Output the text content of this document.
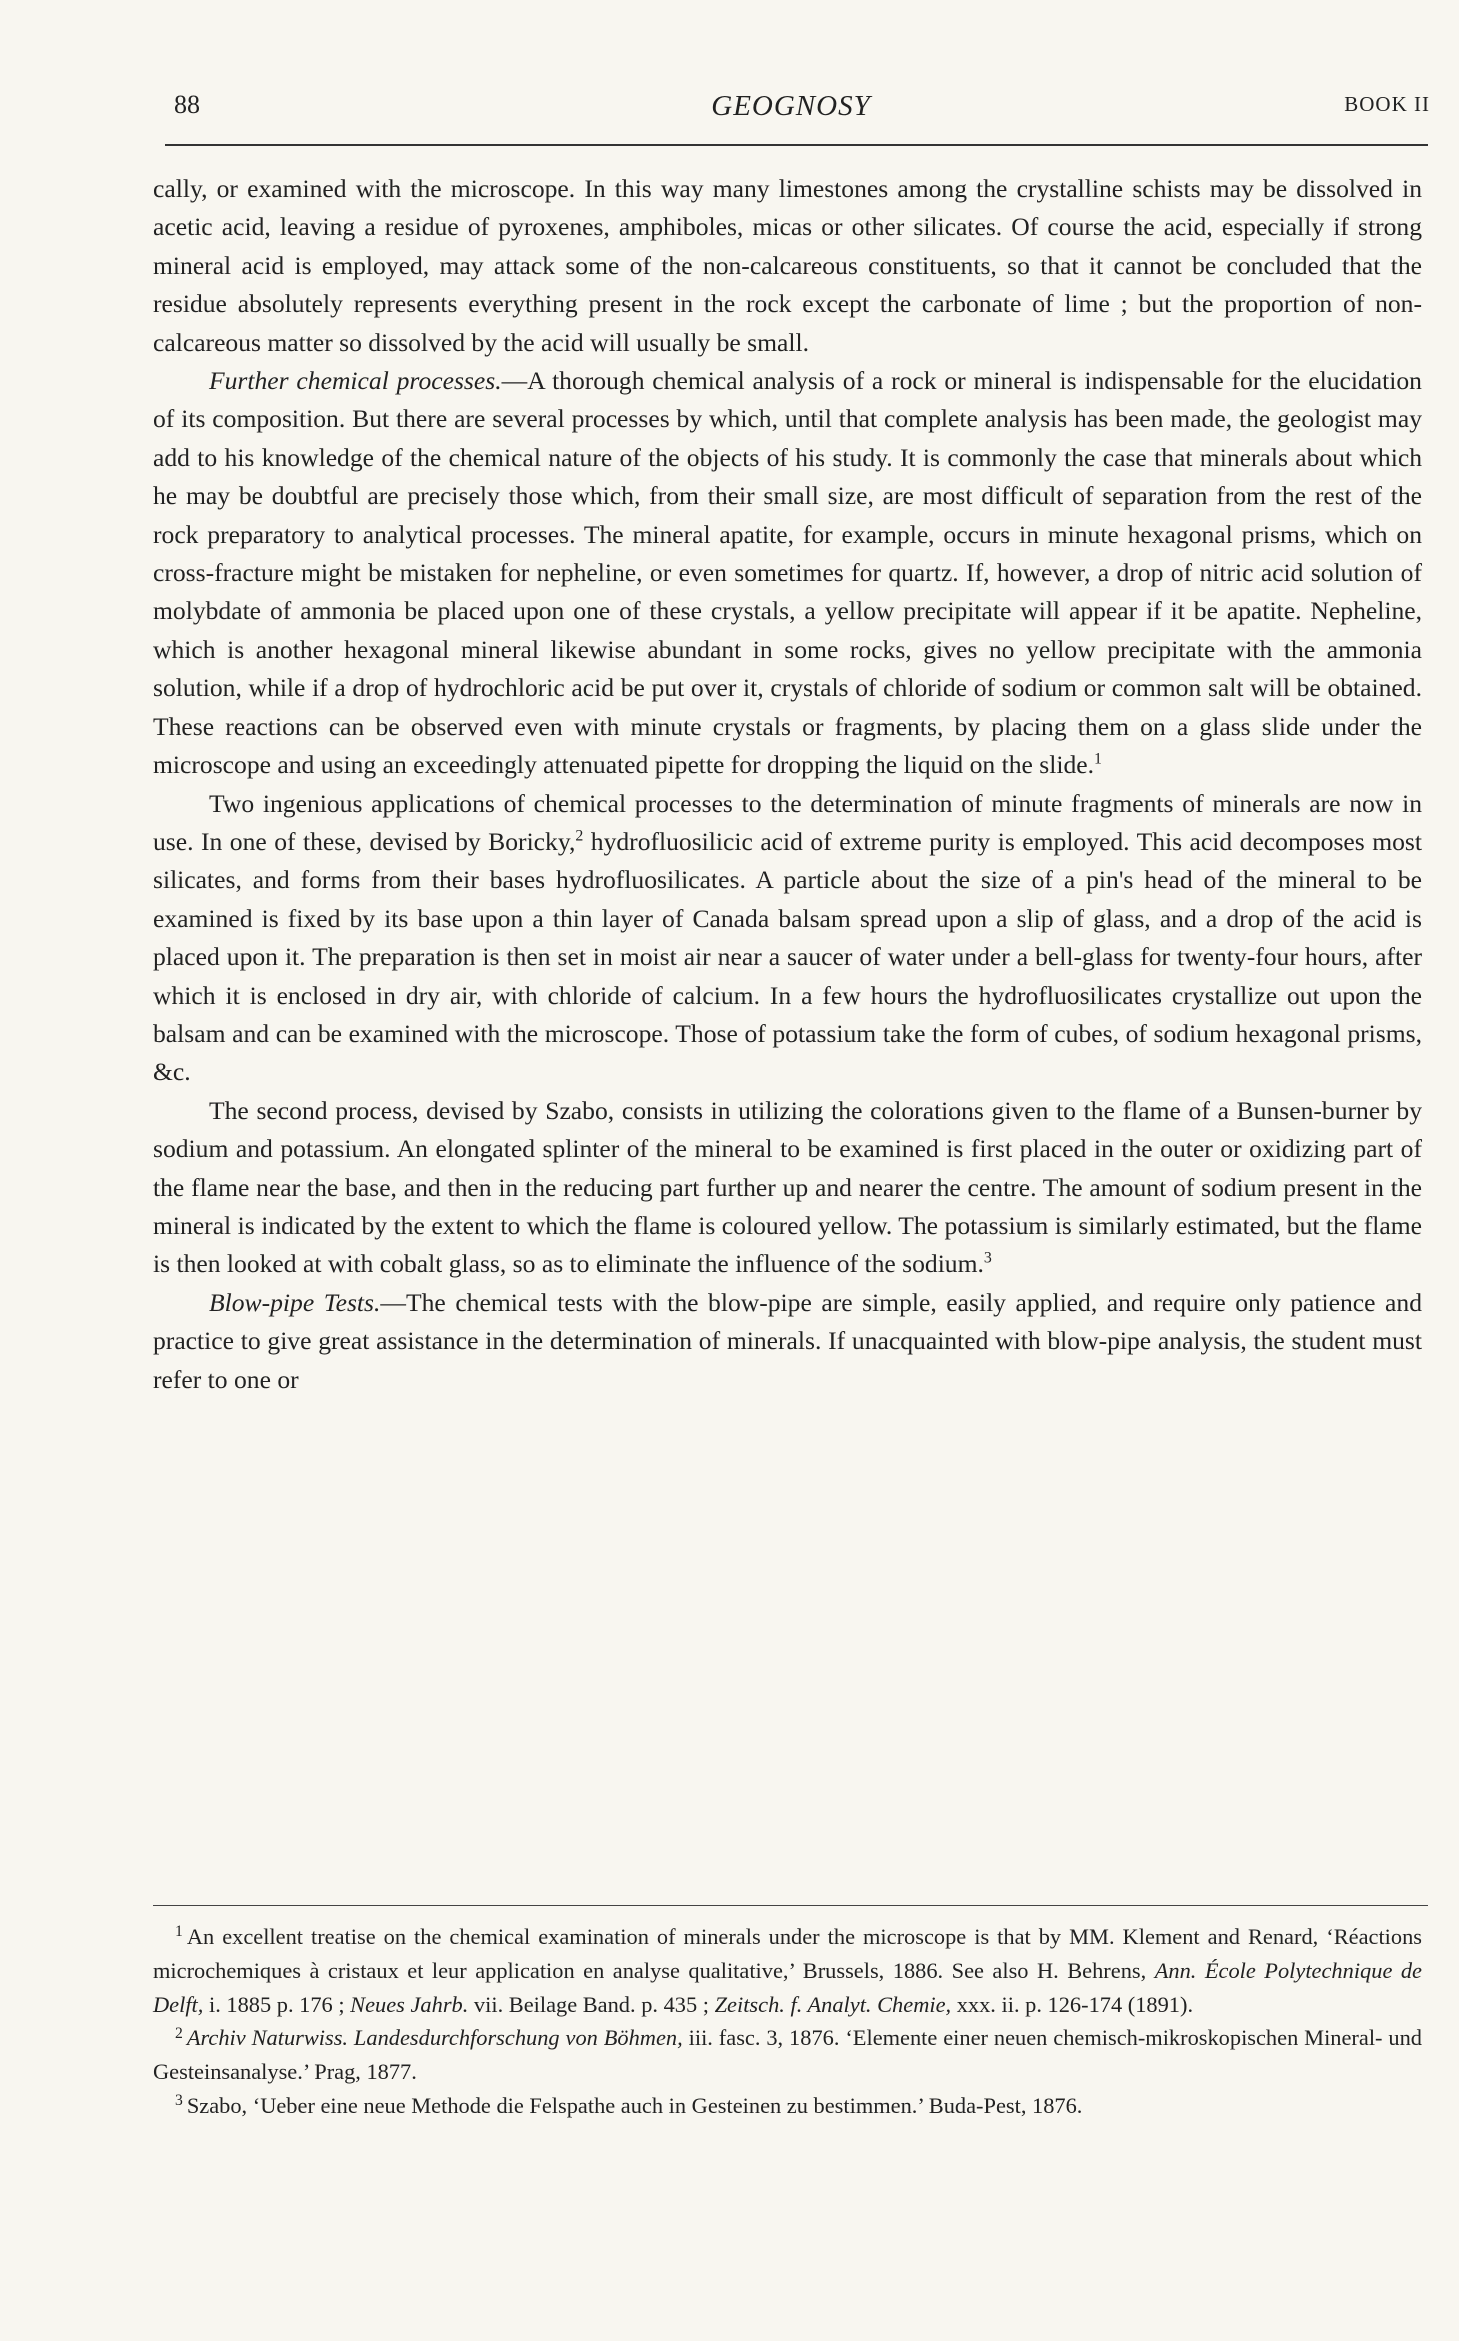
88	GEOGNOSY	BOOK II

cally, or examined with the microscope. In this way many limestones among the crystalline schists may be dissolved in acetic acid, leaving a residue of pyroxenes, amphiboles, micas or other silicates. Of course the acid, especially if strong mineral acid is employed, may attack some of the non-calcareous constituents, so that it cannot be concluded that the residue absolutely represents everything present in the rock except the carbonate of lime ; but the proportion of non-calcareous matter so dissolved by the acid will usually be small.

Further chemical processes.—A thorough chemical analysis of a rock or mineral is indispensable for the elucidation of its composition. But there are several processes by which, until that complete analysis has been made, the geologist may add to his knowledge of the chemical nature of the objects of his study. It is commonly the case that minerals about which he may be doubtful are precisely those which, from their small size, are most difficult of separation from the rest of the rock preparatory to analytical processes. The mineral apatite, for example, occurs in minute hexagonal prisms, which on cross-fracture might be mistaken for nepheline, or even sometimes for quartz. If, however, a drop of nitric acid solution of molybdate of ammonia be placed upon one of these crystals, a yellow precipitate will appear if it be apatite. Nepheline, which is another hexagonal mineral likewise abundant in some rocks, gives no yellow precipitate with the ammonia solution, while if a drop of hydrochloric acid be put over it, crystals of chloride of sodium or common salt will be obtained. These reactions can be observed even with minute crystals or fragments, by placing them on a glass slide under the microscope and using an exceedingly attenuated pipette for dropping the liquid on the slide.$^1$

Two ingenious applications of chemical processes to the determination of minute fragments of minerals are now in use. In one of these, devised by Boricky,$^2$ hydrofluosilicic acid of extreme purity is employed. This acid decomposes most silicates, and forms from their bases hydrofluosilicates. A particle about the size of a pin's head of the mineral to be examined is fixed by its base upon a thin layer of Canada balsam spread upon a slip of glass, and a drop of the acid is placed upon it. The preparation is then set in moist air near a saucer of water under a bell-glass for twenty-four hours, after which it is enclosed in dry air, with chloride of calcium. In a few hours the hydrofluosilicates crystallize out upon the balsam and can be examined with the microscope. Those of potassium take the form of cubes, of sodium hexagonal prisms, &c.

The second process, devised by Szabo, consists in utilizing the colorations given to the flame of a Bunsen-burner by sodium and potassium. An elongated splinter of the mineral to be examined is first placed in the outer or oxidizing part of the flame near the base, and then in the reducing part further up and nearer the centre. The amount of sodium present in the mineral is indicated by the extent to which the flame is coloured yellow. The potassium is similarly estimated, but the flame is then looked at with cobalt glass, so as to eliminate the influence of the sodium.$^3$

Blow-pipe Tests.—The chemical tests with the blow-pipe are simple, easily applied, and require only patience and practice to give great assistance in the determination of minerals. If unacquainted with blow-pipe analysis, the student must refer to one or

$^1$ An excellent treatise on the chemical examination of minerals under the microscope is that by MM. Klement and Renard, ‘Réactions microchemiques à cristaux et leur application en analyse qualitative,’ Brussels, 1886. See also H. Behrens, Ann. École Polytechnique de Delft, i. 1885 p. 176 ; Neues Jahrb. vii. Beilage Band. p. 435 ; Zeitsch. f. Analyt. Chemie, xxx. ii. p. 126-174 (1891).

$^2$ Archiv Naturwiss. Landesdurchforschung von Böhmen, iii. fasc. 3, 1876. ‘Elemente einer neuen chemisch-mikroskopischen Mineral- und Gesteinsanalyse.’ Prag, 1877.

$^3$ Szabo, ‘Ueber eine neue Methode die Felspathe auch in Gesteinen zu bestimmen.’ Buda-Pest, 1876.
